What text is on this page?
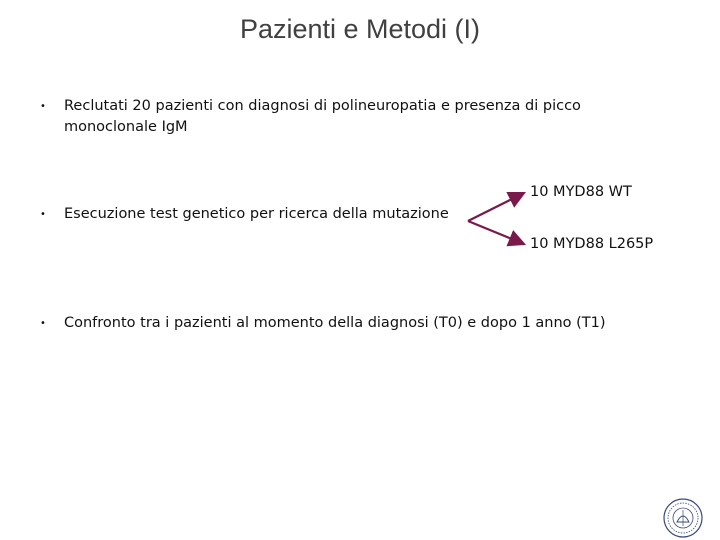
Pazienti e Metodi (I)
• Reclutati 20 pazienti con diagnosi di polineuropatia e presenza di picco monoclonale IgM
• Esecuzione test genetico per ricerca della mutazione
10 MYD88 WT
10 MYD88 L265P
• Confronto tra i pazienti al momento della diagnosi (T0) e dopo 1 anno (T1)
